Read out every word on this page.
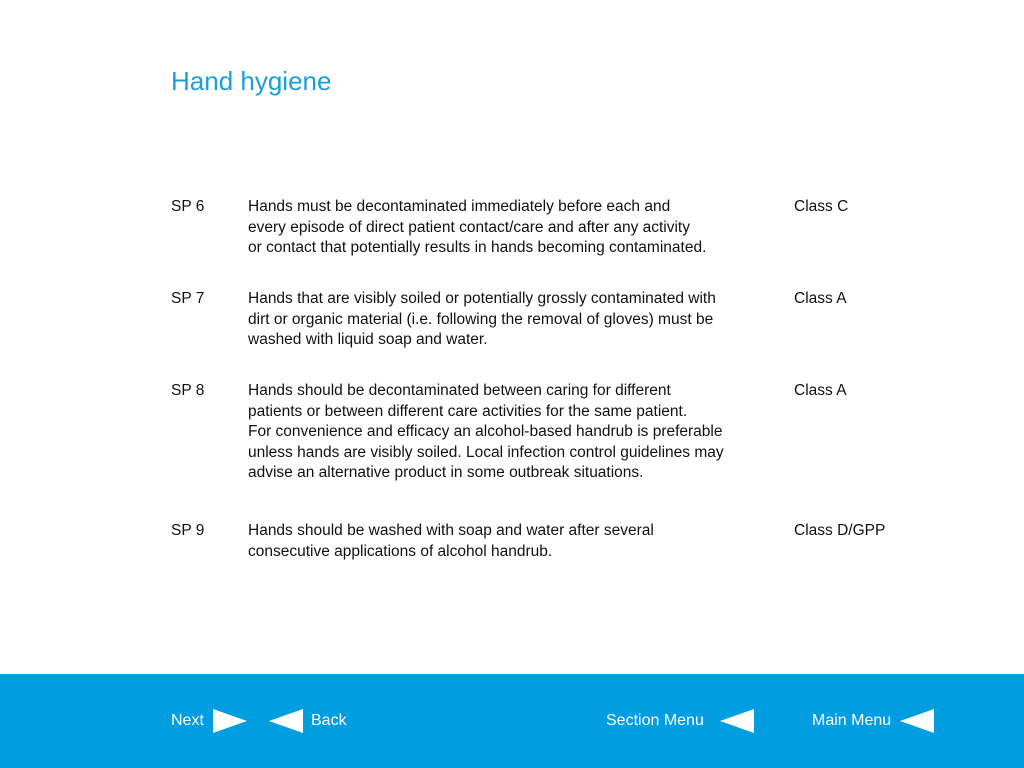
Hand hygiene
SP 6	Hands must be decontaminated immediately before each and
every episode of direct patient contact/care and after any activity
or contact that potentially results in hands becoming contaminated.
Class C
SP 7	Hands that are visibly soiled or potentially grossly contaminated with
dirt or organic material (i.e. following the removal of gloves) must be
washed with liquid soap and water.
Class A
SP 8	Hands should be decontaminated between caring for different
patients or between different care activities for the same patient.
For convenience and efficacy an alcohol-based handrub is preferable
unless hands are visibly soiled. Local infection control guidelines may
advise an alternative product in some outbreak situations.
Class A
SP 9	Hands should be washed with soap and water after several
consecutive applications of alcohol handrub.
Class D/GPP
Next	Back	Section Menu	Main Menu
